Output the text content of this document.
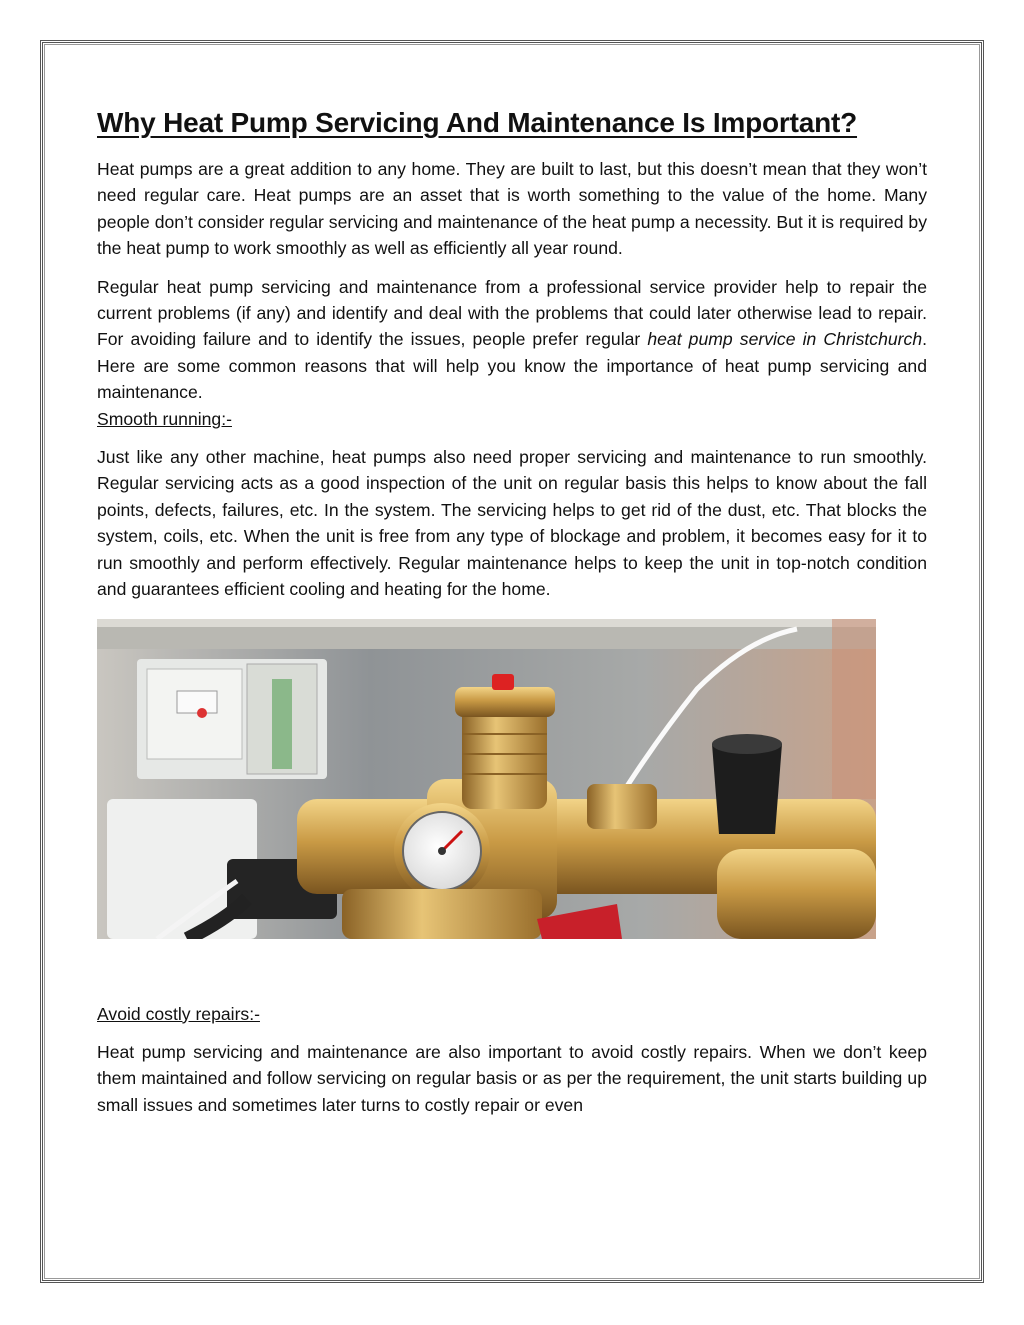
Why Heat Pump Servicing And Maintenance Is Important?

Heat pumps are a great addition to any home. They are built to last, but this doesn’t mean that they won’t need regular care. Heat pumps are an asset that is worth something to the value of the home. Many people don’t consider regular servicing and maintenance of the heat pump a necessity. But it is required by the heat pump to work smoothly as well as efficiently all year round.

Regular heat pump servicing and maintenance from a professional service provider help to repair the current problems (if any) and identify and deal with the problems that could later otherwise lead to repair. For avoiding failure and to identify the issues, people prefer regular heat pump service in Christchurch. Here are some common reasons that will help you know the importance of heat pump servicing and maintenance.

Smooth running:-

Just like any other machine, heat pumps also need proper servicing and maintenance to run smoothly. Regular servicing acts as a good inspection of the unit on regular basis this helps to know about the fall points, defects, failures, etc. In the system. The servicing helps to get rid of the dust, etc. That blocks the system, coils, etc. When the unit is free from any type of blockage and problem, it becomes easy for it to run smoothly and perform effectively. Regular maintenance helps to keep the unit in top-notch condition and guarantees efficient cooling and heating for the home.

Avoid costly repairs:-

Heat pump servicing and maintenance are also important to avoid costly repairs. When we don’t keep them maintained and follow servicing on regular basis or as per the requirement, the unit starts building up small issues and sometimes later turns to costly repair or even
